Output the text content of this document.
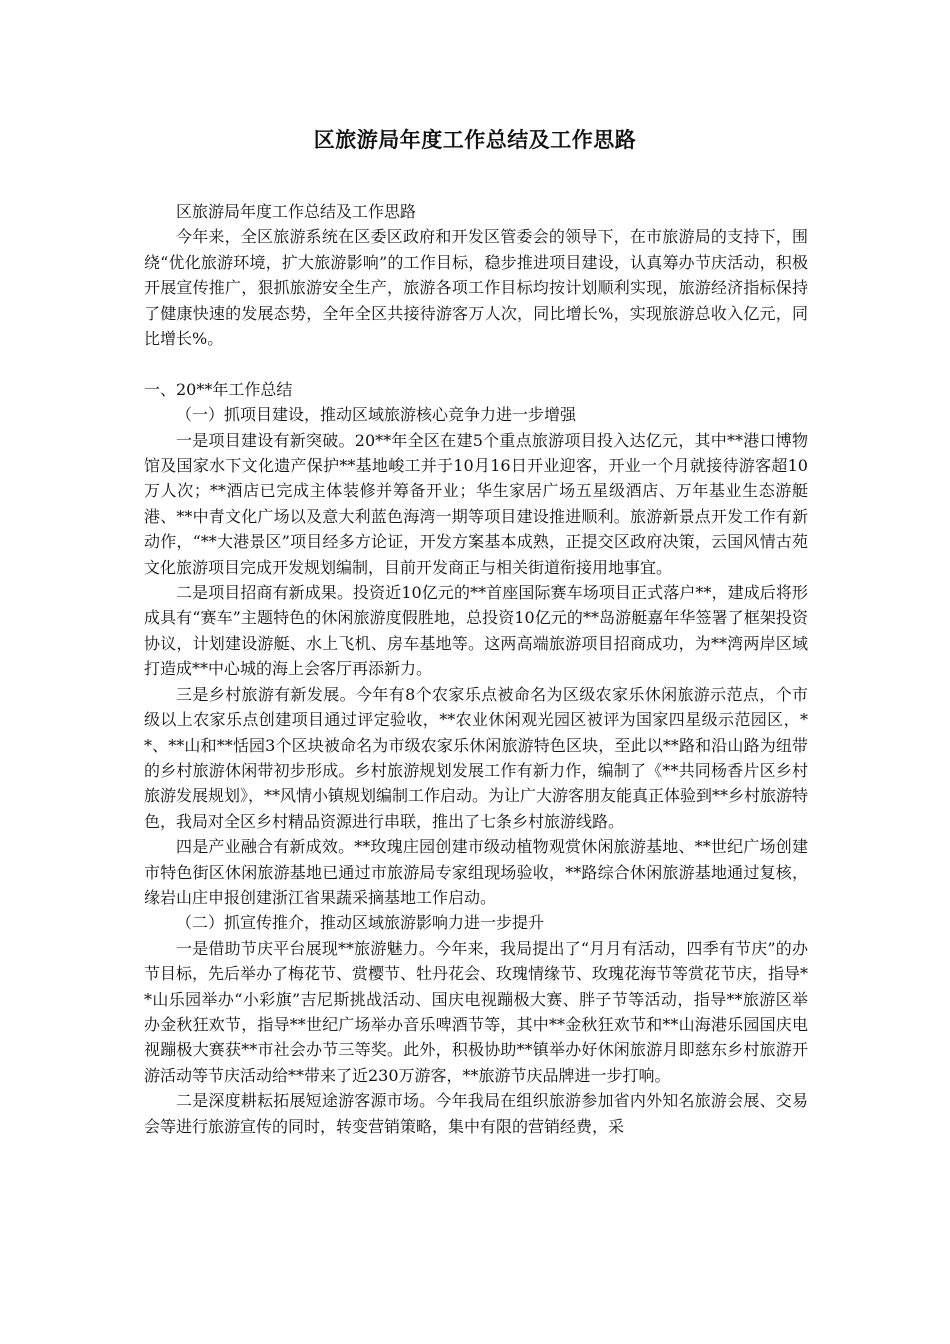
区旅游局年度工作总结及工作思路

区旅游局年度工作总结及工作思路

今年来，全区旅游系统在区委区政府和开发区管委会的领导下，在市旅游局的支持下，围绕“优化旅游环境，扩大旅游影响”的工作目标，稳步推进项目建设，认真筹办节庆活动，积极开展宣传推广，狠抓旅游安全生产，旅游各项工作目标均按计划顺利实现，旅游经济指标保持了健康快速的发展态势，全年全区共接待游客万人次，同比增长%，实现旅游总收入亿元，同比增长%。

一、20**年工作总结

（一）抓项目建设，推动区域旅游核心竞争力进一步增强

一是项目建设有新突破。20**年全区在建5个重点旅游项目投入达亿元，其中**港口博物馆及国家水下文化遗产保护**基地峻工并于10月16日开业迎客，开业一个月就接待游客超10万人次；**酒店已完成主体装修并筹备开业；华生家居广场五星级酒店、万年基业生态游艇港、**中青文化广场以及意大利蓝色海湾一期等项目建设推进顺利。旅游新景点开发工作有新动作，“**大港景区”项目经多方论证，开发方案基本成熟，正提交区政府决策，云国风情古苑文化旅游项目完成开发规划编制，目前开发商正与相关街道衔接用地事宜。

二是项目招商有新成果。投资近10亿元的**首座国际赛车场项目正式落户**，建成后将形成具有“赛车”主题特色的休闲旅游度假胜地，总投资10亿元的**岛游艇嘉年华签署了框架投资协议，计划建设游艇、水上飞机、房车基地等。这两高端旅游项目招商成功，为**湾两岸区域打造成**中心城的海上会客厅再添新力。

三是乡村旅游有新发展。今年有8个农家乐点被命名为区级农家乐休闲旅游示范点，个市级以上农家乐点创建项目通过评定验收，**农业休闲观光园区被评为国家四星级示范园区，**、**山和**恬园3个区块被命名为市级农家乐休闲旅游特色区块，至此以**路和沿山路为纽带的乡村旅游休闲带初步形成。乡村旅游规划发展工作有新力作，编制了《**共同杨香片区乡村旅游发展规划》，**风情小镇规划编制工作启动。为让广大游客朋友能真正体验到**乡村旅游特色，我局对全区乡村精品资源进行串联，推出了七条乡村旅游线路。

四是产业融合有新成效。**玫瑰庄园创建市级动植物观赏休闲旅游基地、**世纪广场创建市特色街区休闲旅游基地已通过市旅游局专家组现场验收，**路综合休闲旅游基地通过复核，缘岩山庄申报创建浙江省果蔬采摘基地工作启动。

（二）抓宣传推介，推动区域旅游影响力进一步提升

一是借助节庆平台展现**旅游魅力。今年来，我局提出了“月月有活动，四季有节庆”的办节目标，先后举办了梅花节、赏樱节、牡丹花会、玫瑰情缘节、玫瑰花海节等赏花节庆，指导**山乐园举办“小彩旗”吉尼斯挑战活动、国庆电视蹦极大赛、胖子节等活动，指导**旅游区举办金秋狂欢节，指导**世纪广场举办音乐啤酒节等，其中**金秋狂欢节和**山海港乐园国庆电视蹦极大赛获**市社会办节三等奖。此外，积极协助**镇举办好休闲旅游月即慈东乡村旅游开游活动等节庆活动给**带来了近230万游客，**旅游节庆品牌进一步打响。

二是深度耕耘拓展短途游客源市场。今年我局在组织旅游参加省内外知名旅游会展、交易会等进行旅游宣传的同时，转变营销策略，集中有限的营销经费，采
